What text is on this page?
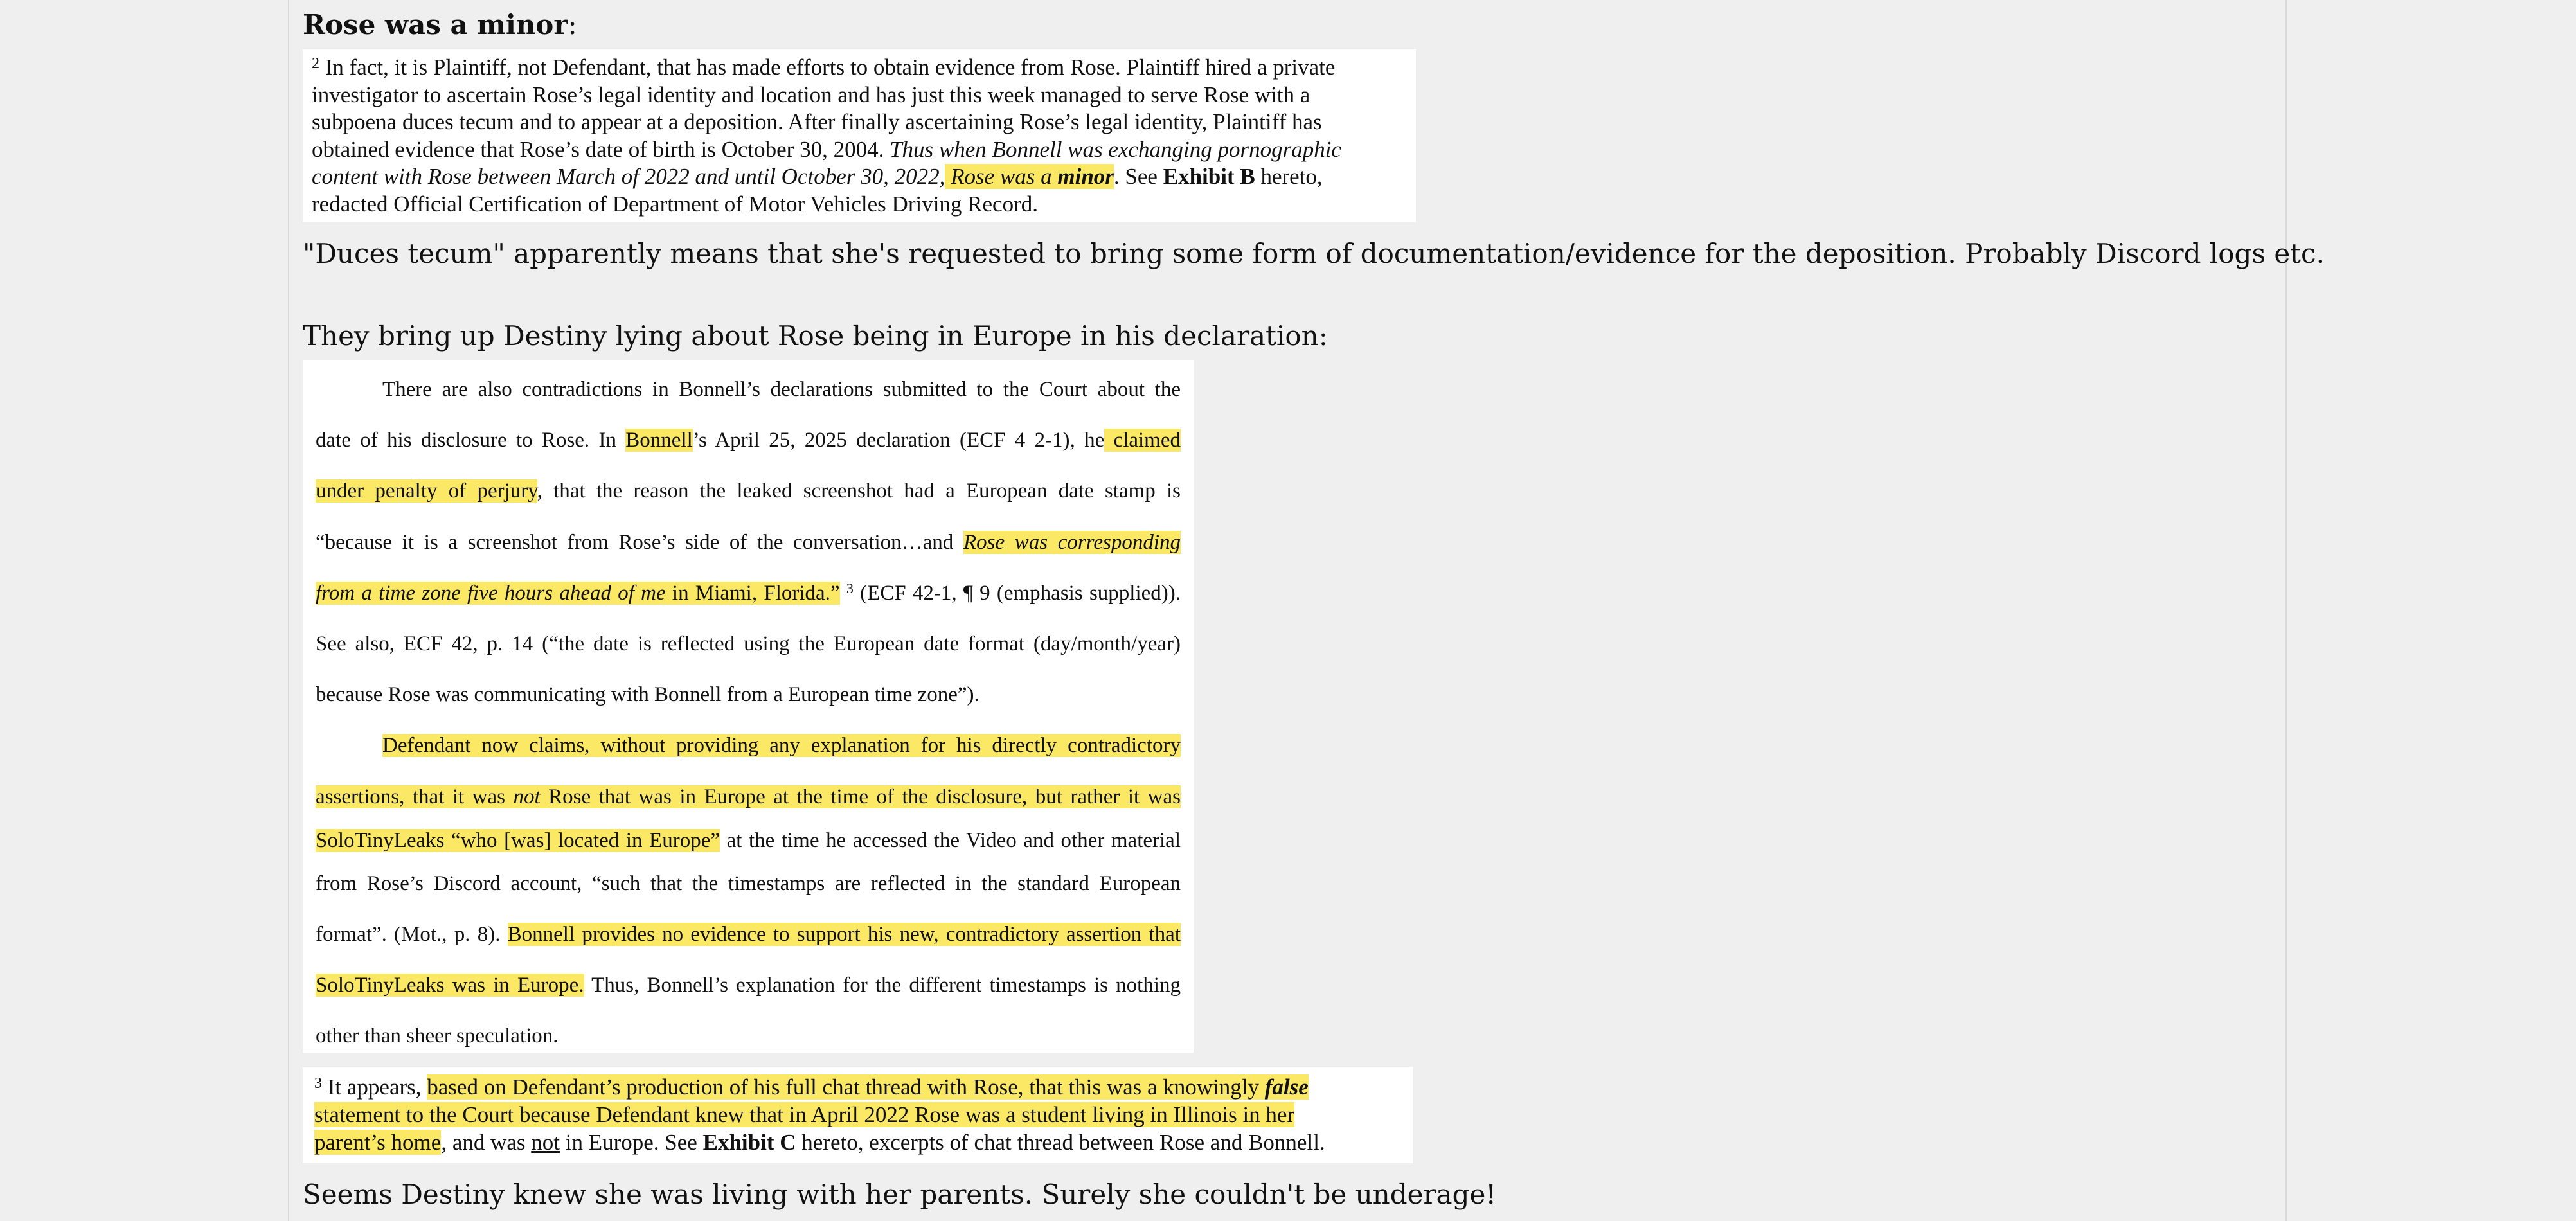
Rose was a minor:

$^2$ In fact, it is Plaintiff, not Defendant, that has made efforts to obtain evidence from Rose. Plaintiff hired a private

investigator to ascertain Rose’s legal identity and location and has just this week managed to serve Rose with a

subpoena duces tecum and to appear at a deposition. After finally ascertaining Rose’s legal identity, Plaintiff has

obtained evidence that Rose’s date of birth is October 30, 2004. Thus when Bonnell was exchanging pornographic

content with Rose between March of 2022 and until October 30, 2022, Rose was a minor. See Exhibit B hereto,

redacted Official Certification of Department of Motor Vehicles Driving Record.

"Duces tecum" apparently means that she's requested to bring some form of documentation/evidence for the deposition. Probably Discord logs etc.
They bring up Destiny lying about Rose being in Europe in his declaration:
There are also contradictions in Bonnell’s declarations submitted to the Court about the
date of his disclosure to Rose. In Bonnell’s April 25, 2025 declaration (ECF 4 2-1), he claimed
under penalty of perjury, that the reason the leaked screenshot had a European date stamp is
“because it is a screenshot from Rose’s side of the conversation…and Rose was corresponding
from a time zone five hours ahead of me in Miami, Florida.” $^3$ (ECF 42-1, ¶ 9 (emphasis supplied)).
See also, ECF 42, p. 14 (“the date is reflected using the European date format (day/month/year)
because Rose was communicating with Bonnell from a European time zone”).
Defendant now claims, without providing any explanation for his directly contradictory
assertions, that it was not Rose that was in Europe at the time of the disclosure, but rather it was
SoloTinyLeaks “who [was] located in Europe” at the time he accessed the Video and other material
from Rose’s Discord account, “such that the timestamps are reflected in the standard European
format”. (Mot., p. 8). Bonnell provides no evidence to support his new, contradictory assertion that
SoloTinyLeaks was in Europe. Thus, Bonnell’s explanation for the different timestamps is nothing
other than sheer speculation.

$^3$ It appears, based on Defendant’s production of his full chat thread with Rose, that this was a knowingly false

statement to the Court because Defendant knew that in April 2022 Rose was a student living in Illinois in her

parent’s home, and was not in Europe. See Exhibit C hereto, excerpts of chat thread between Rose and Bonnell.

Seems Destiny knew she was living with her parents. Surely she couldn't be underage!
